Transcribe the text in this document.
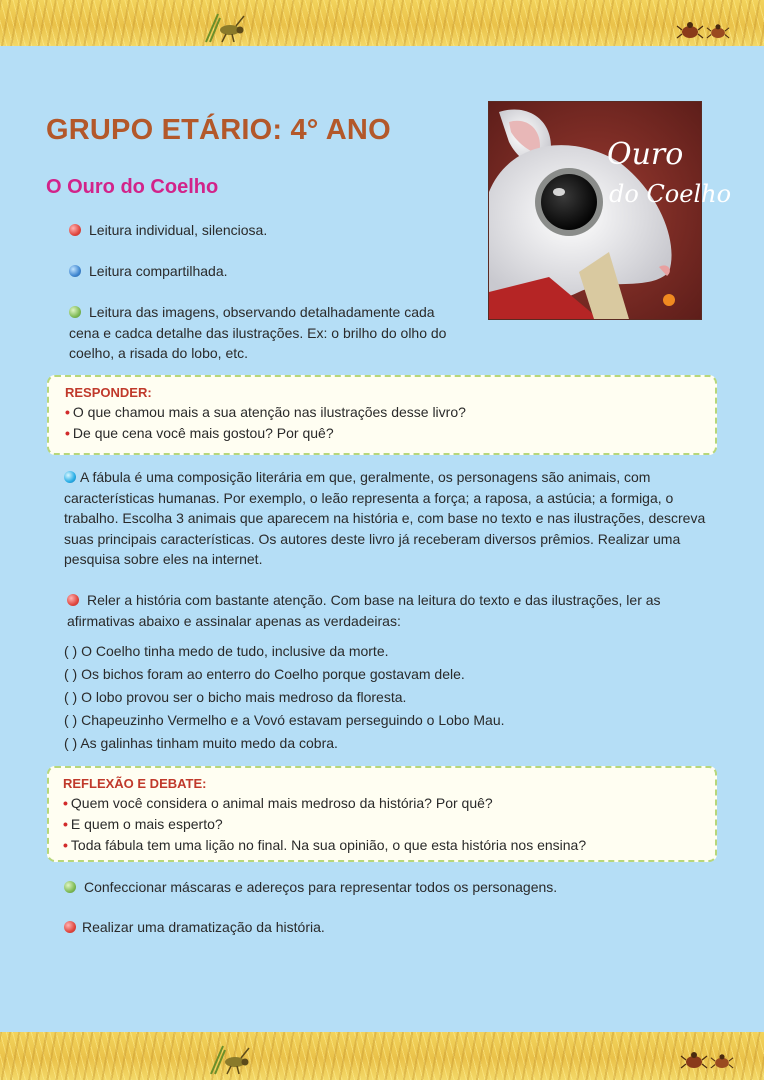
GRUPO ETÁRIO: 4° ANO
O Ouro do Coelho
Ouro
do Coelho

Leitura individual, silenciosa.

Leitura compartilhada.

Leitura das imagens, observando detalhadamente cada cena e cadca detalhe das ilustrações. Ex: o brilho do olho do coelho, a risada do lobo, etc.

RESPONDER:

• O que chamou mais a sua atenção nas ilustrações desse livro?

• De que cena você mais gostou? Por quê?

A fábula é uma composição literária em que, geralmente, os personagens são animais, com características humanas. Por exemplo, o leão representa a força; a raposa, a astúcia; a formiga, o trabalho. Escolha 3 animais que aparecem na história e, com base no texto e nas ilustrações, descreva suas principais características. Os autores deste livro já receberam diversos prêmios. Realizar uma pesquisa sobre eles na internet.

Reler a história com bastante atenção. Com base na leitura do texto e das ilustrações, ler as afirmativas abaixo e assinalar apenas as verdadeiras:

( ) O Coelho tinha medo de tudo, inclusive da morte.

( ) Os bichos foram ao enterro do Coelho porque gostavam dele.

( ) O lobo provou ser o bicho mais medroso da floresta.

( ) Chapeuzinho Vermelho e a Vovó estavam perseguindo o Lobo Mau.

( ) As galinhas tinham muito medo da cobra.

REFLEXÃO E DEBATE:

• Quem você considera o animal mais medroso da história? Por quê?

• E quem o mais esperto?

• Toda fábula tem uma lição no final. Na sua opinião, o que esta história nos ensina?

Confeccionar máscaras e adereços para representar todos os personagens.

Realizar uma dramatização da história.
